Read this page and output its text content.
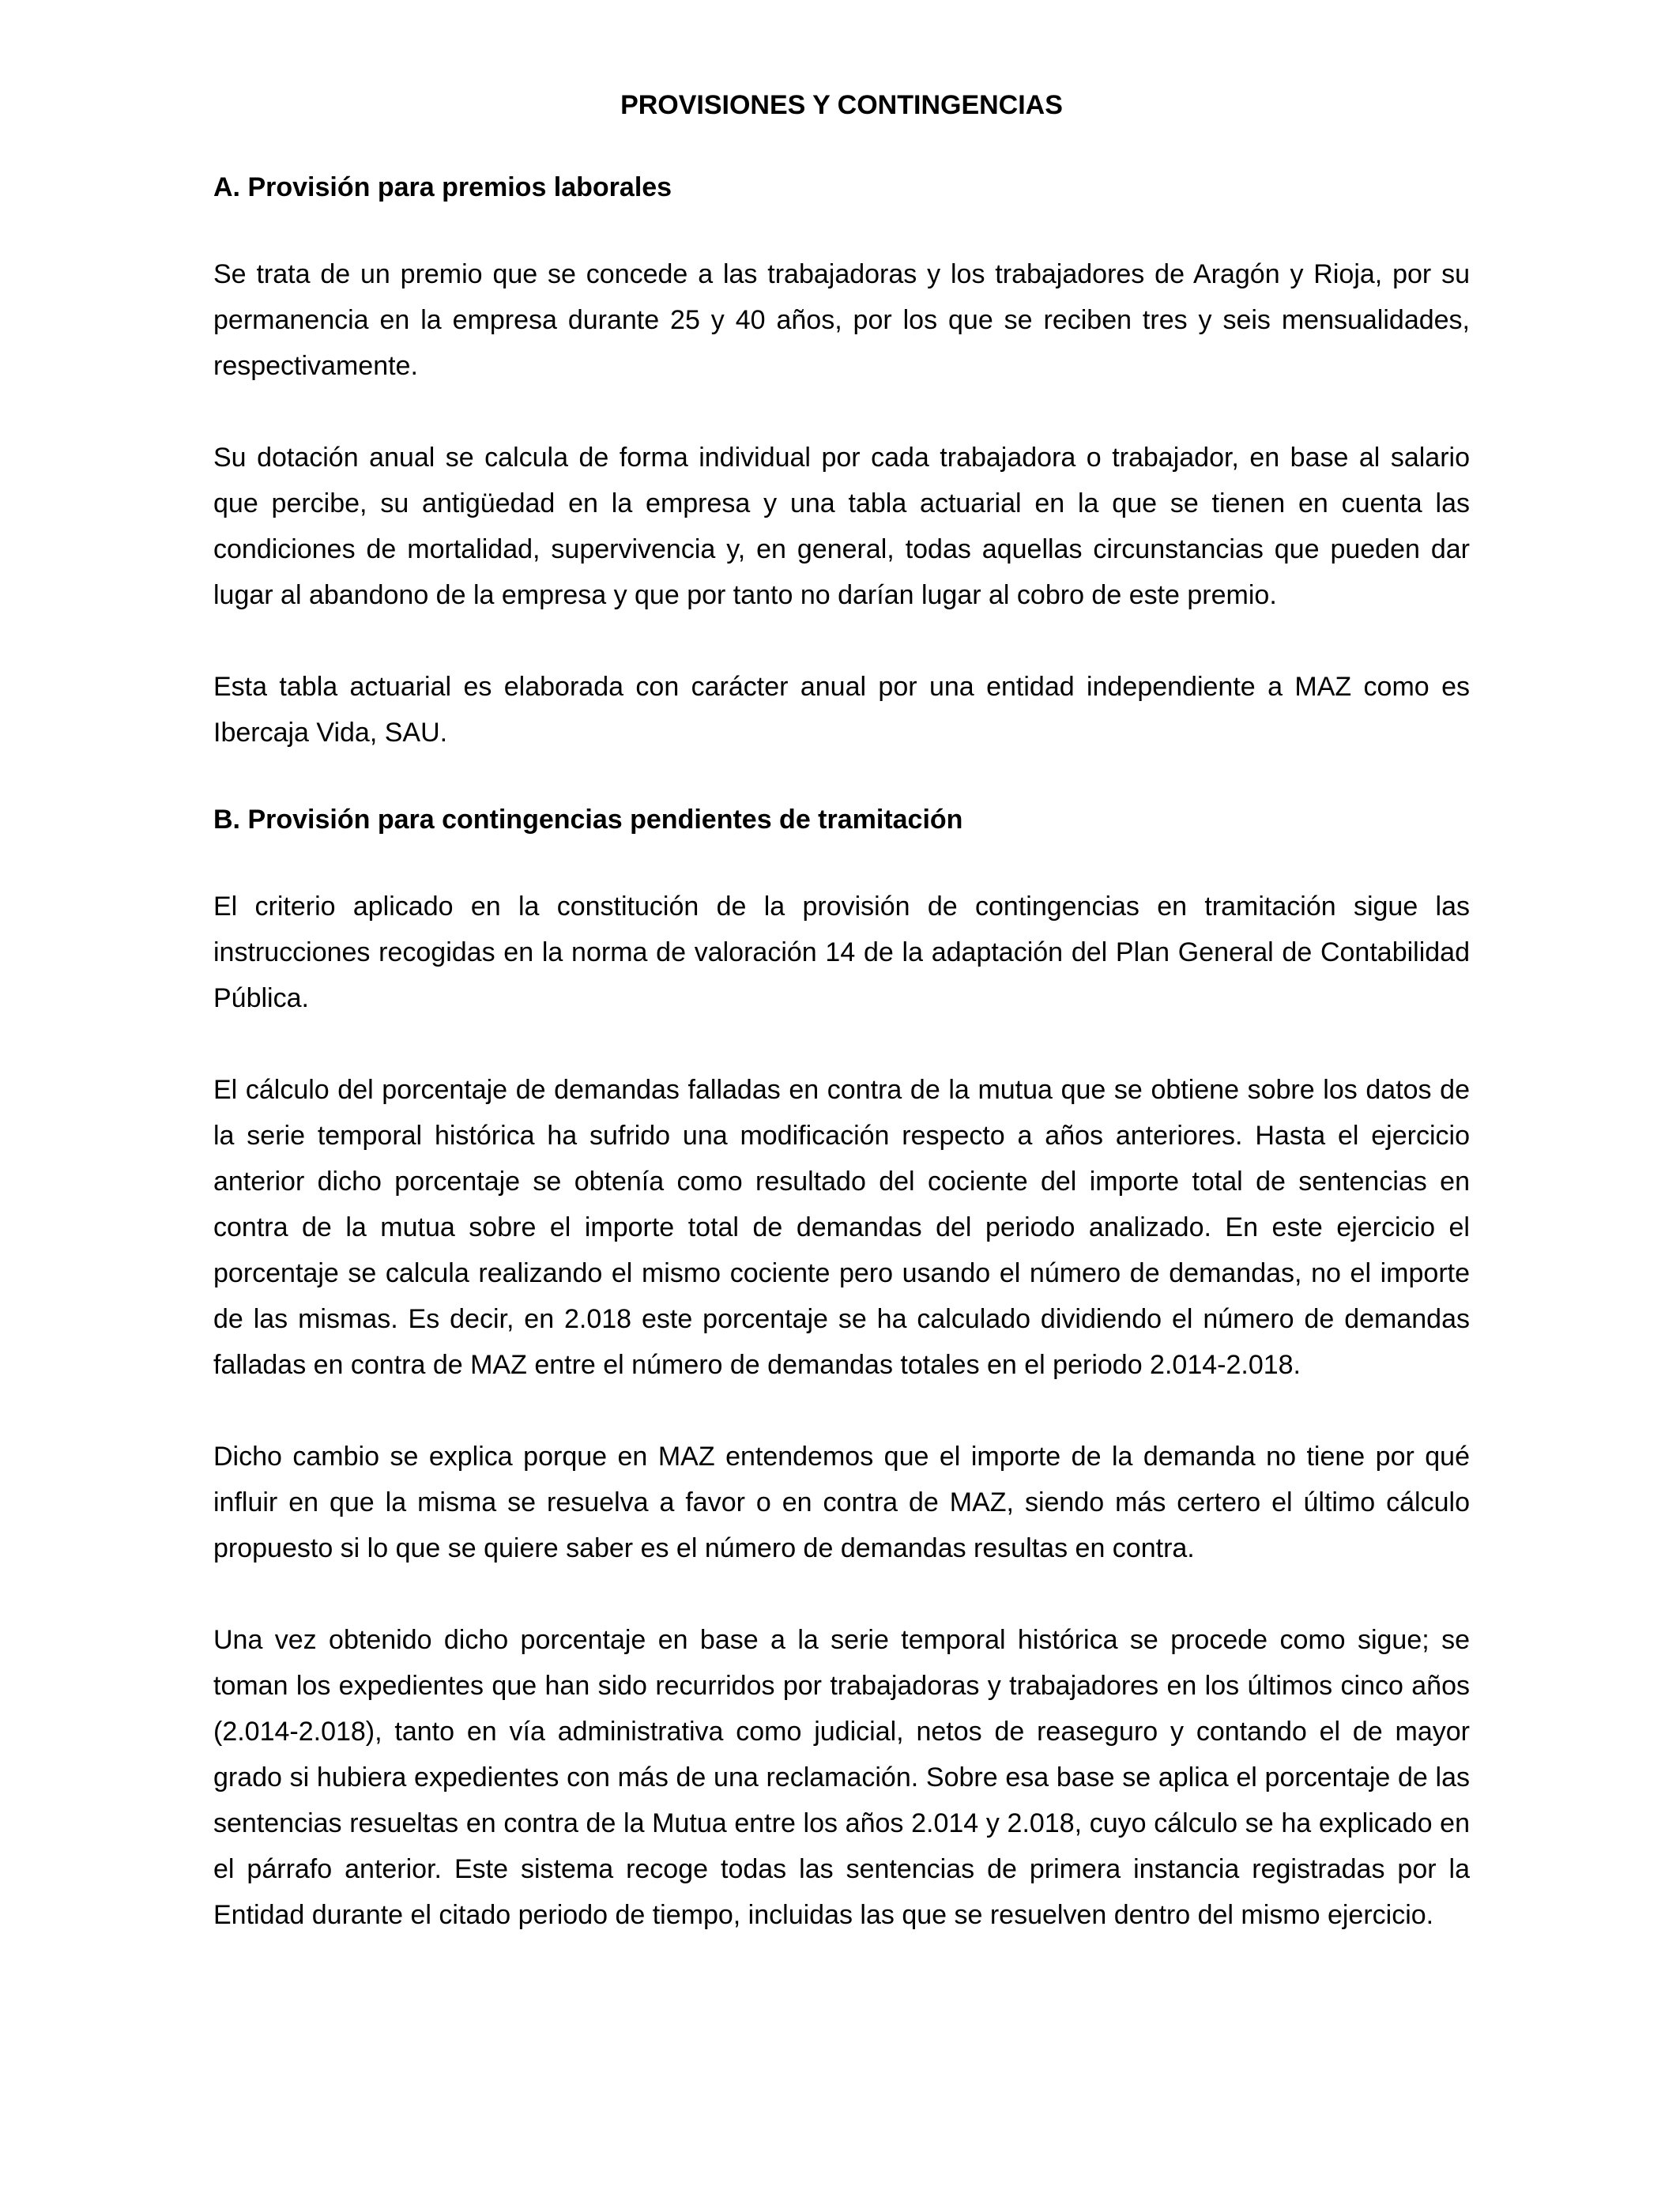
PROVISIONES Y CONTINGENCIAS
A. Provisión para premios laborales

Se trata de un premio que se concede a las trabajadoras y los trabajadores de Aragón y Rioja, por su permanencia en la empresa durante 25 y 40 años, por los que se reciben tres y seis mensualidades, respectivamente.

Su dotación anual se calcula de forma individual por cada trabajadora o trabajador, en base al salario que percibe, su antigüedad en la empresa y una tabla actuarial en la que se tienen en cuenta las condiciones de mortalidad, supervivencia y, en general, todas aquellas circunstancias que pueden dar lugar al abandono de la empresa y que por tanto no darían lugar al cobro de este premio.

Esta tabla actuarial es elaborada con carácter anual por una entidad independiente a MAZ como es Ibercaja Vida, SAU.

B. Provisión para contingencias pendientes de tramitación

El criterio aplicado en la constitución de la provisión de contingencias en tramitación sigue las instrucciones recogidas en la norma de valoración 14 de la adaptación del Plan General de Contabilidad Pública.

El cálculo del porcentaje de demandas falladas en contra de la mutua que se obtiene sobre los datos de la serie temporal histórica ha sufrido una modificación respecto a años anteriores. Hasta el ejercicio anterior dicho porcentaje se obtenía como resultado del cociente del importe total de sentencias en contra de la mutua sobre el importe total de demandas del periodo analizado. En este ejercicio el porcentaje se calcula realizando el mismo cociente pero usando el número de demandas, no el importe de las mismas. Es decir, en 2.018 este porcentaje se ha calculado dividiendo el número de demandas falladas en contra de MAZ entre el número de demandas totales en el periodo 2.014-2.018.

Dicho cambio se explica porque en MAZ entendemos que el importe de la demanda no tiene por qué influir en que la misma se resuelva a favor o en contra de MAZ, siendo más certero el último cálculo propuesto si lo que se quiere saber es el número de demandas resultas en contra.

Una vez obtenido dicho porcentaje en base a la serie temporal histórica se procede como sigue; se toman los expedientes que han sido recurridos por trabajadoras y trabajadores en los últimos cinco años (2.014-2.018), tanto en vía administrativa como judicial, netos de reaseguro y contando el de mayor grado si hubiera expedientes con más de una reclamación. Sobre esa base se aplica el porcentaje de las sentencias resueltas en contra de la Mutua entre los años 2.014 y 2.018, cuyo cálculo se ha explicado en el párrafo anterior. Este sistema recoge todas las sentencias de primera instancia registradas por la Entidad durante el citado periodo de tiempo, incluidas las que se resuelven dentro del mismo ejercicio.
